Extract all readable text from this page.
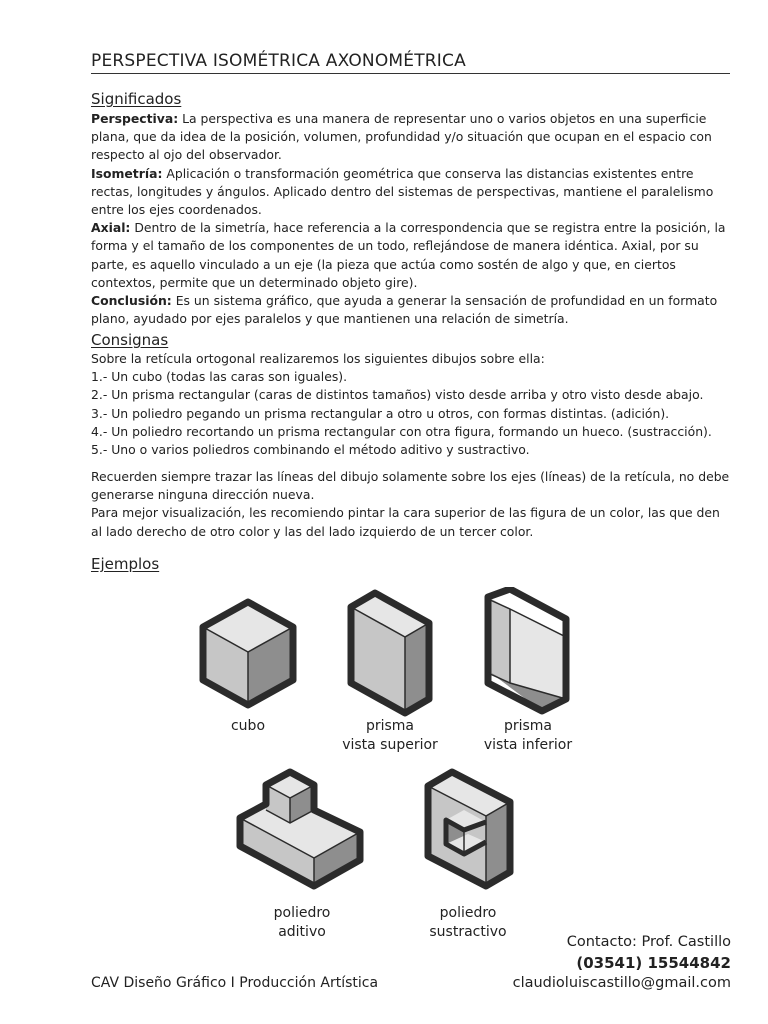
PERSPECTIVA ISOMÉTRICA AXONOMÉTRICA
Significados
Perspectiva: La perspectiva es una manera de representar uno o varios objetos en una superficie
plana, que da idea de la posición, volumen, profundidad y/o situación que ocupan en el espacio con
respecto al ojo del observador.
Isometría: Aplicación o transformación geométrica que conserva las distancias existentes entre
rectas, longitudes y ángulos. Aplicado dentro del sistemas de perspectivas, mantiene el paralelismo
entre los ejes coordenados.
Axial: Dentro de la simetría, hace referencia a la correspondencia que se registra entre la posición, la
forma y el tamaño de los componentes de un todo, reflejándose de manera idéntica. Axial, por su
parte, es aquello vinculado a un eje (la pieza que actúa como sostén de algo y que, en ciertos
contextos, permite que un determinado objeto gire).
Conclusión: Es un sistema gráfico, que ayuda a generar la sensación de profundidad en un formato
plano, ayudado por ejes paralelos y que mantienen una relación de simetría.
Consignas
Sobre la retícula ortogonal realizaremos los siguientes dibujos sobre ella:
1.- Un cubo (todas las caras son iguales).
2.- Un prisma rectangular (caras de distintos tamaños) visto desde arriba y otro visto desde abajo.
3.- Un poliedro pegando un prisma rectangular a otro u otros, con formas distintas. (adición).
4.- Un poliedro recortando un prisma rectangular con otra figura, formando un hueco. (sustracción).
5.- Uno o varios poliedros combinando el método aditivo y sustractivo.
Recuerden siempre trazar las líneas del dibujo solamente sobre los ejes (líneas) de la retícula, no debe
generarse ninguna dirección nueva.
Para mejor visualización, les recomiendo pintar la cara superior de las figura de un color, las que den
al lado derecho de otro color y las del lado izquierdo de un tercer color.
Ejemplos
cubo	prisma
vista superior
prisma
vista inferior
poliedro
aditivo
poliedro
sustractivo
Contacto: Prof. Castillo
(03541) 15544842
claudioluiscastillo@gmail.com
CAV Diseño Gráfico I Producción Artística
